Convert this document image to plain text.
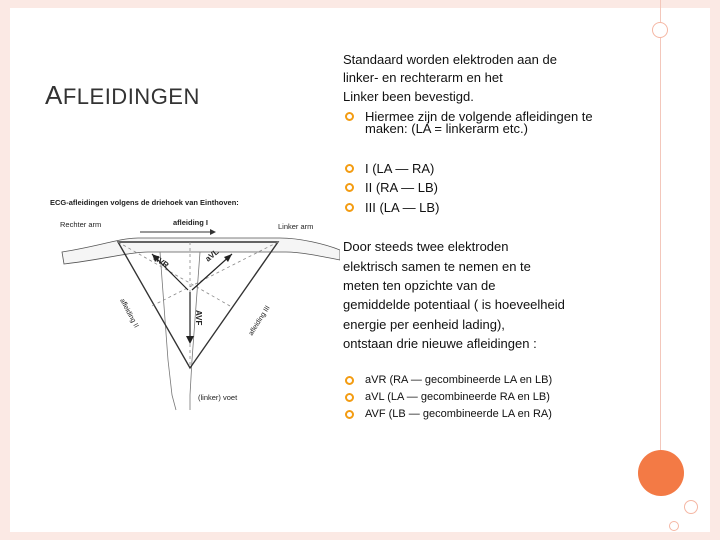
AFLEIDINGEN
Standaard worden elektroden aan de
linker- en rechterarm en het
Linker been bevestigd.
Hiermee zijn de volgende afleidingen te
maken: (LA = linkerarm etc.)
I (LA — RA)
II (RA — LB)
III (LA — LB)
Door steeds twee elektroden
elektrisch samen te nemen en te
meten ten opzichte van de
gemiddelde potentiaal ( is hoeveelheid
energie per eenheid lading),
ontstaan drie nieuwe afleidingen :
aVR (RA — gecombineerde LA en LB)
aVL (LA — gecombineerde RA en LB)
AVF (LB — gecombineerde LA en RA)
ECG-afleidingen volgens de driehoek van Einthoven:
Rechter arm	Linker arm
afleiding I
AVR	aVL
AVF
afleiding II	afleiding III
(linker) voet
